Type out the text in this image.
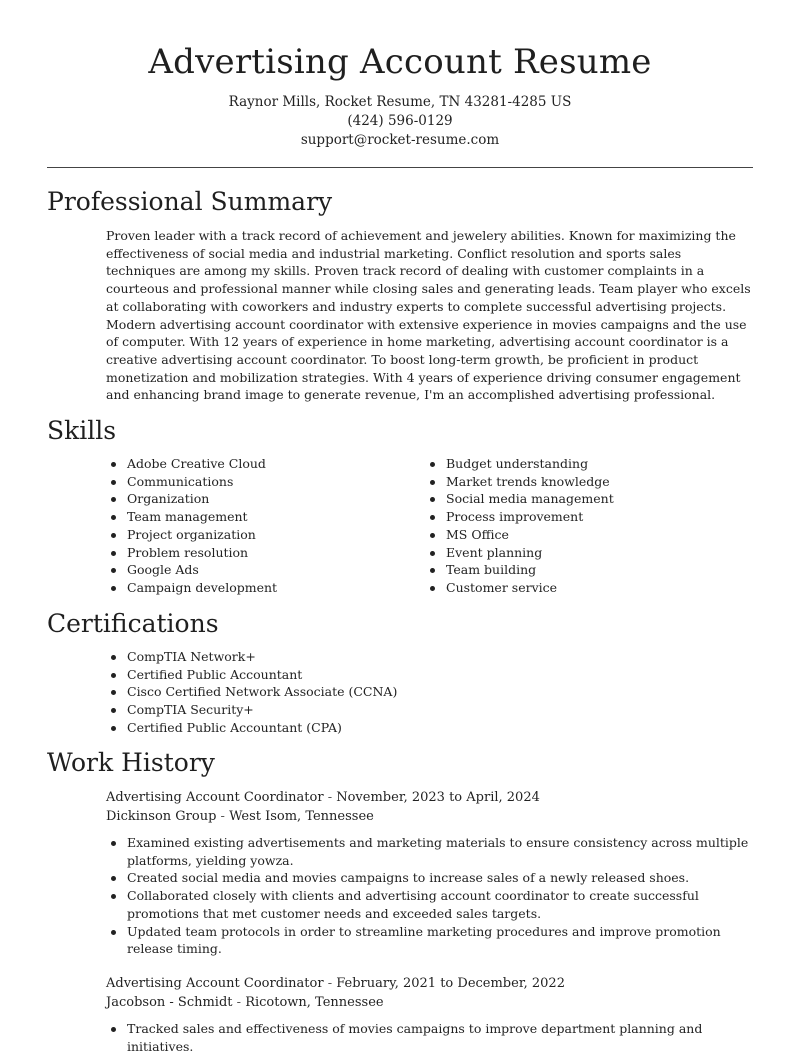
Advertising Account Resume
Raynor Mills, Rocket Resume, TN 43281-4285 US
(424) 596-0129
support@rocket-resume.com
Professional Summary

Proven leader with a track record of achievement and jewelery abilities. Known for maximizing the effectiveness of social media and industrial marketing. Conflict resolution and sports sales techniques are among my skills. Proven track record of dealing with customer complaints in a courteous and professional manner while closing sales and generating leads. Team player who excels at collaborating with coworkers and industry experts to complete successful advertising projects. Modern advertising account coordinator with extensive experience in movies campaigns and the use of computer. With 12 years of experience in home marketing, advertising account coordinator is a creative advertising account coordinator. To boost long-term growth, be proficient in product monetization and mobilization strategies. With 4 years of experience driving consumer engagement and enhancing brand image to generate revenue, I'm an accomplished advertising professional.

Skills
Adobe Creative Cloud
Communications
Organization
Team management
Project organization
Problem resolution
Google Ads
Campaign development
Budget understanding
Market trends knowledge
Social media management
Process improvement
MS Office
Event planning
Team building
Customer service
Certifications
CompTIA Network+
Certified Public Accountant
Cisco Certified Network Associate (CCNA)
CompTIA Security+
Certified Public Accountant (CPA)
Work History
Advertising Account Coordinator - November, 2023 to April, 2024
Dickinson Group - West Isom, Tennessee
Examined existing advertisements and marketing materials to ensure consistency across multiple platforms, yielding yowza.
Created social media and movies campaigns to increase sales of a newly released shoes.
Collaborated closely with clients and advertising account coordinator to create successful promotions that met customer needs and exceeded sales targets.
Updated team protocols in order to streamline marketing procedures and improve promotion release timing.
Advertising Account Coordinator - February, 2021 to December, 2022
Jacobson - Schmidt - Ricotown, Tennessee
Tracked sales and effectiveness of movies campaigns to improve department planning and initiatives.
